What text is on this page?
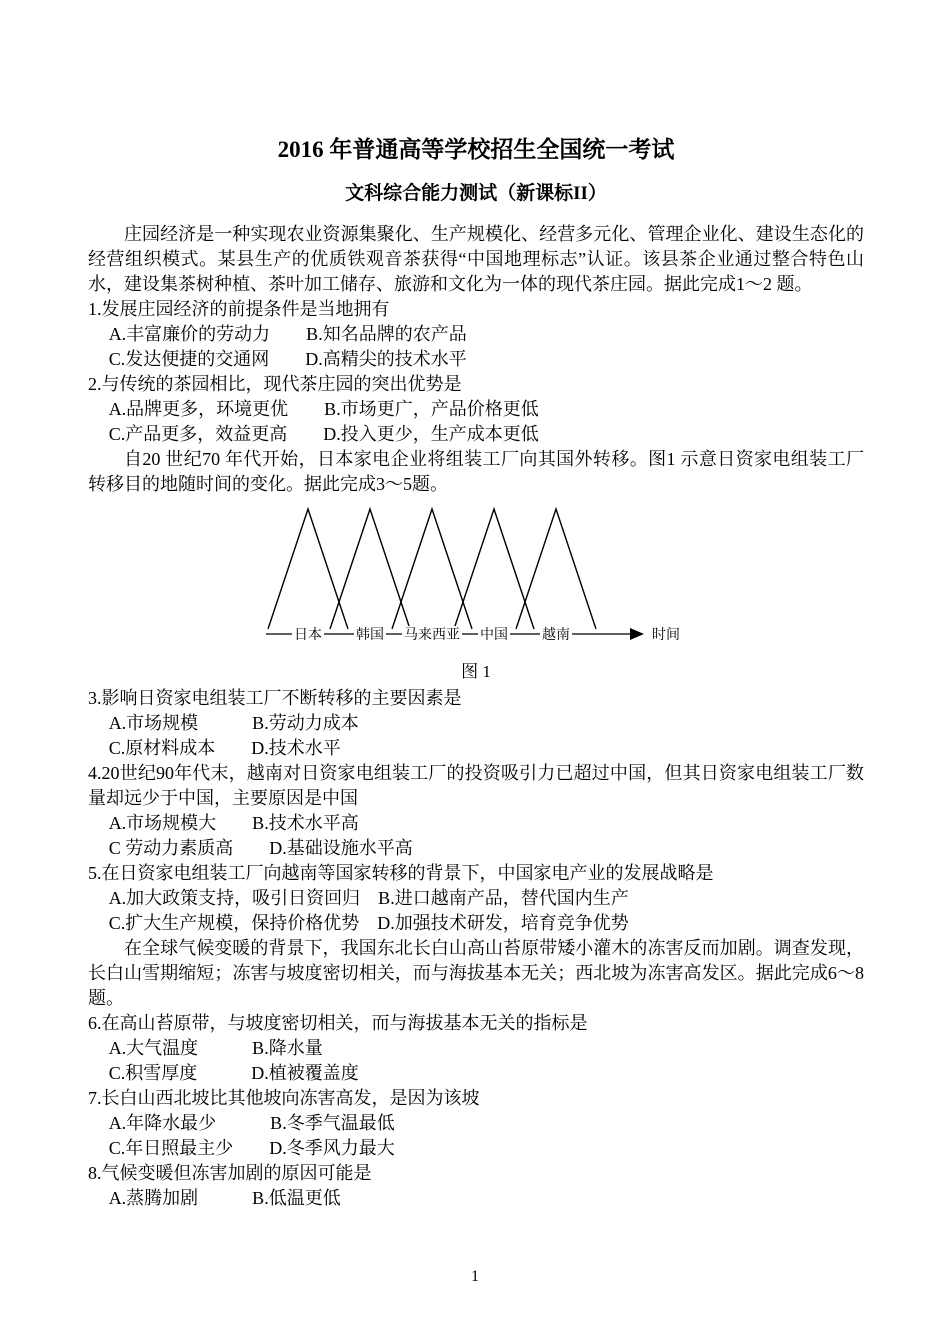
2016 年普通高等学校招生全国统一考试
文科综合能力测试（新课标II）

庄园经济是一种实现农业资源集聚化、生产规模化、经营多元化、管理企业化、建设生态化的经营组织模式。某县生产的优质铁观音茶获得“中国地理标志”认证。该县茶企业通过整合特色山水，建设集茶树种植、茶叶加工储存、旅游和文化为一体的现代茶庄园。据此完成1～2 题。

1.发展庄园经济的前提条件是当地拥有

A.丰富廉价的劳动力　　B.知名品牌的农产品

C.发达便捷的交通网　　D.高精尖的技术水平

2.与传统的茶园相比，现代茶庄园的突出优势是

A.品牌更多，环境更优　　B.市场更广，产品价格更低

C.产品更多，效益更高　　D.投入更少，生产成本更低

自20 世纪70 年代开始，日本家电企业将组装工厂向其国外转移。图1 示意日资家电组装工厂转移目的地随时间的变化。据此完成3～5题。

日本 韩国 马来西亚 中国 越南	时间

图 1

3.影响日资家电组装工厂不断转移的主要因素是

A.市场规模　　　B.劳动力成本

C.原材料成本　　D.技术水平

4.20世纪90年代末，越南对日资家电组装工厂的投资吸引力已超过中国，但其日资家电组装工厂数量却远少于中国，主要原因是中国

A.市场规模大　　B.技术水平高

C 劳动力素质高　　D.基础设施水平高

5.在日资家电组装工厂向越南等国家转移的背景下，中国家电产业的发展战略是

A.加大政策支持，吸引日资回归　B.进口越南产品，替代国内生产

C.扩大生产规模，保持价格优势　D.加强技术研发，培育竞争优势

在全球气候变暖的背景下，我国东北长白山高山苔原带矮小灌木的冻害反而加剧。调查发现，长白山雪期缩短；冻害与坡度密切相关，而与海拔基本无关；西北坡为冻害高发区。据此完成6～8题。

6.在高山苔原带，与坡度密切相关，而与海拔基本无关的指标是

A.大气温度　　　B.降水量

C.积雪厚度　　　D.植被覆盖度

7.长白山西北坡比其他坡向冻害高发，是因为该坡

A.年降水最少　　　B.冬季气温最低

C.年日照最主少　　D.冬季风力最大

8.气候变暖但冻害加剧的原因可能是

A.蒸腾加剧　　　B.低温更低

1
